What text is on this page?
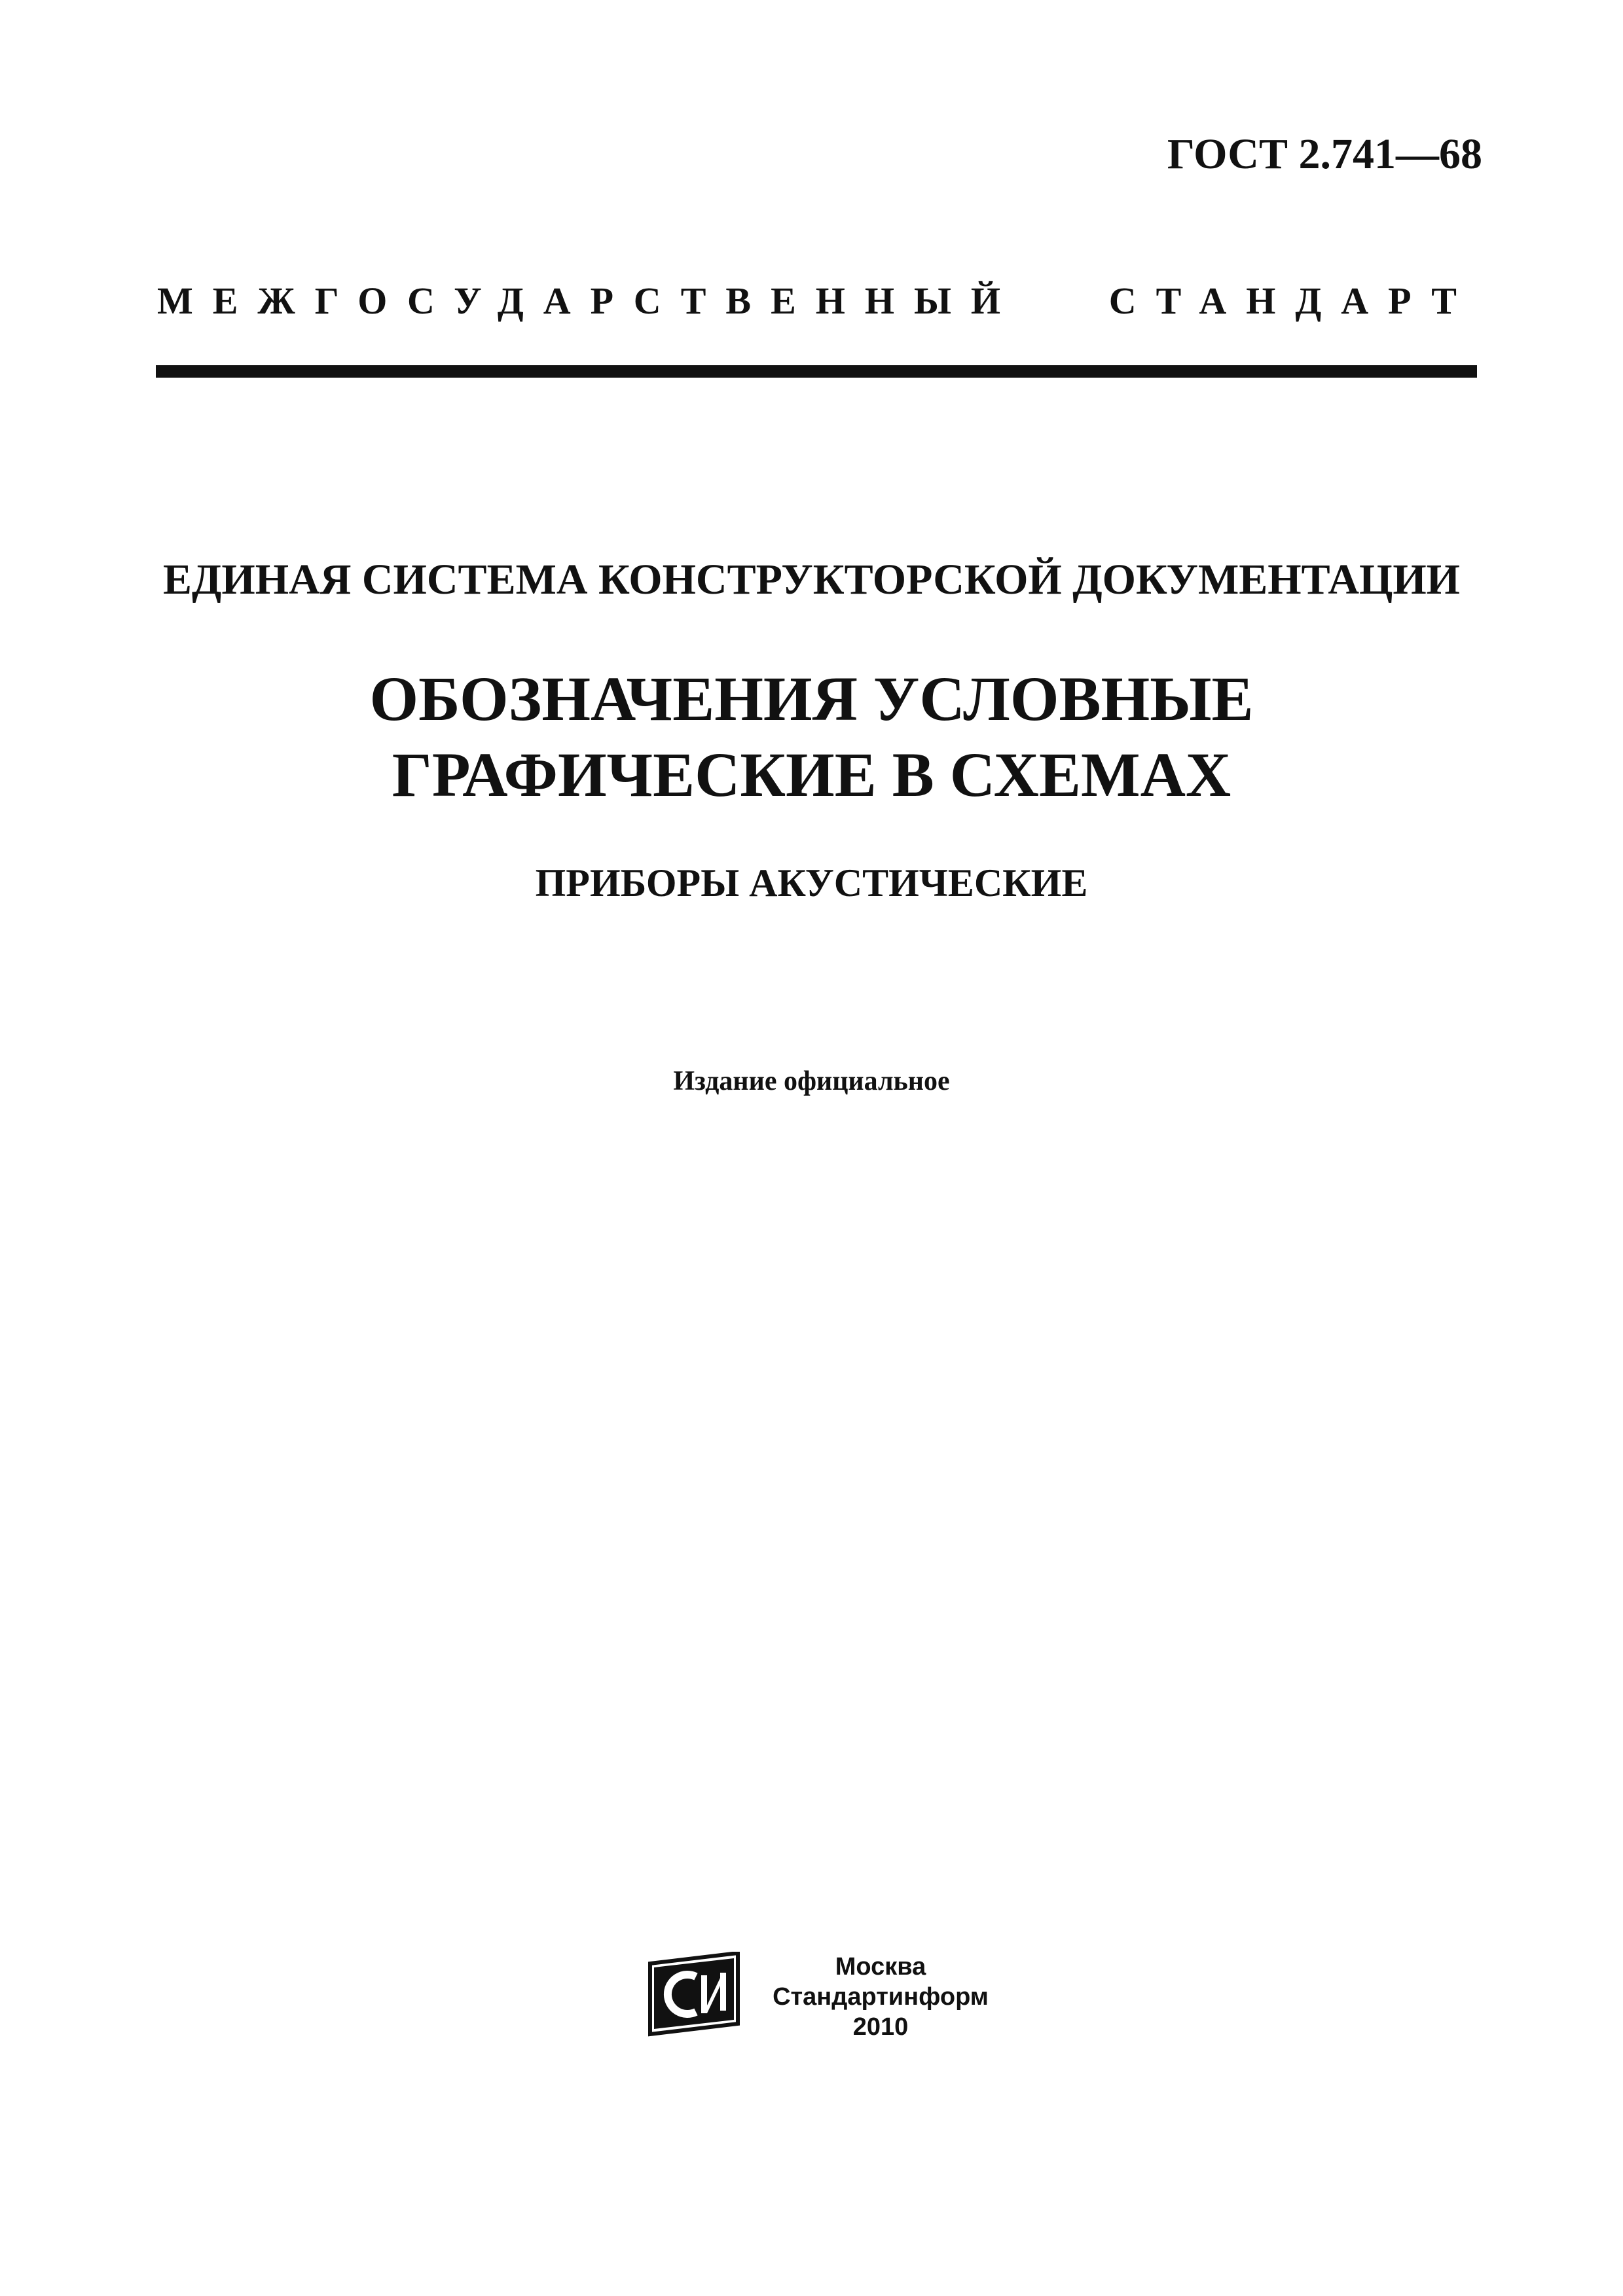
ГОСТ 2.741—68
МЕЖГОСУДАРСТВЕННЫЙ СТАНДАРТ
ЕДИНАЯ СИСТЕМА КОНСТРУКТОРСКОЙ ДОКУМЕНТАЦИИ
ОБОЗНАЧЕНИЯ УСЛОВНЫЕ
ГРАФИЧЕСКИЕ В СХЕМАХ
ПРИБОРЫ АКУСТИЧЕСКИЕ
Издание официальное
Москва
Стандартинформ
2010
